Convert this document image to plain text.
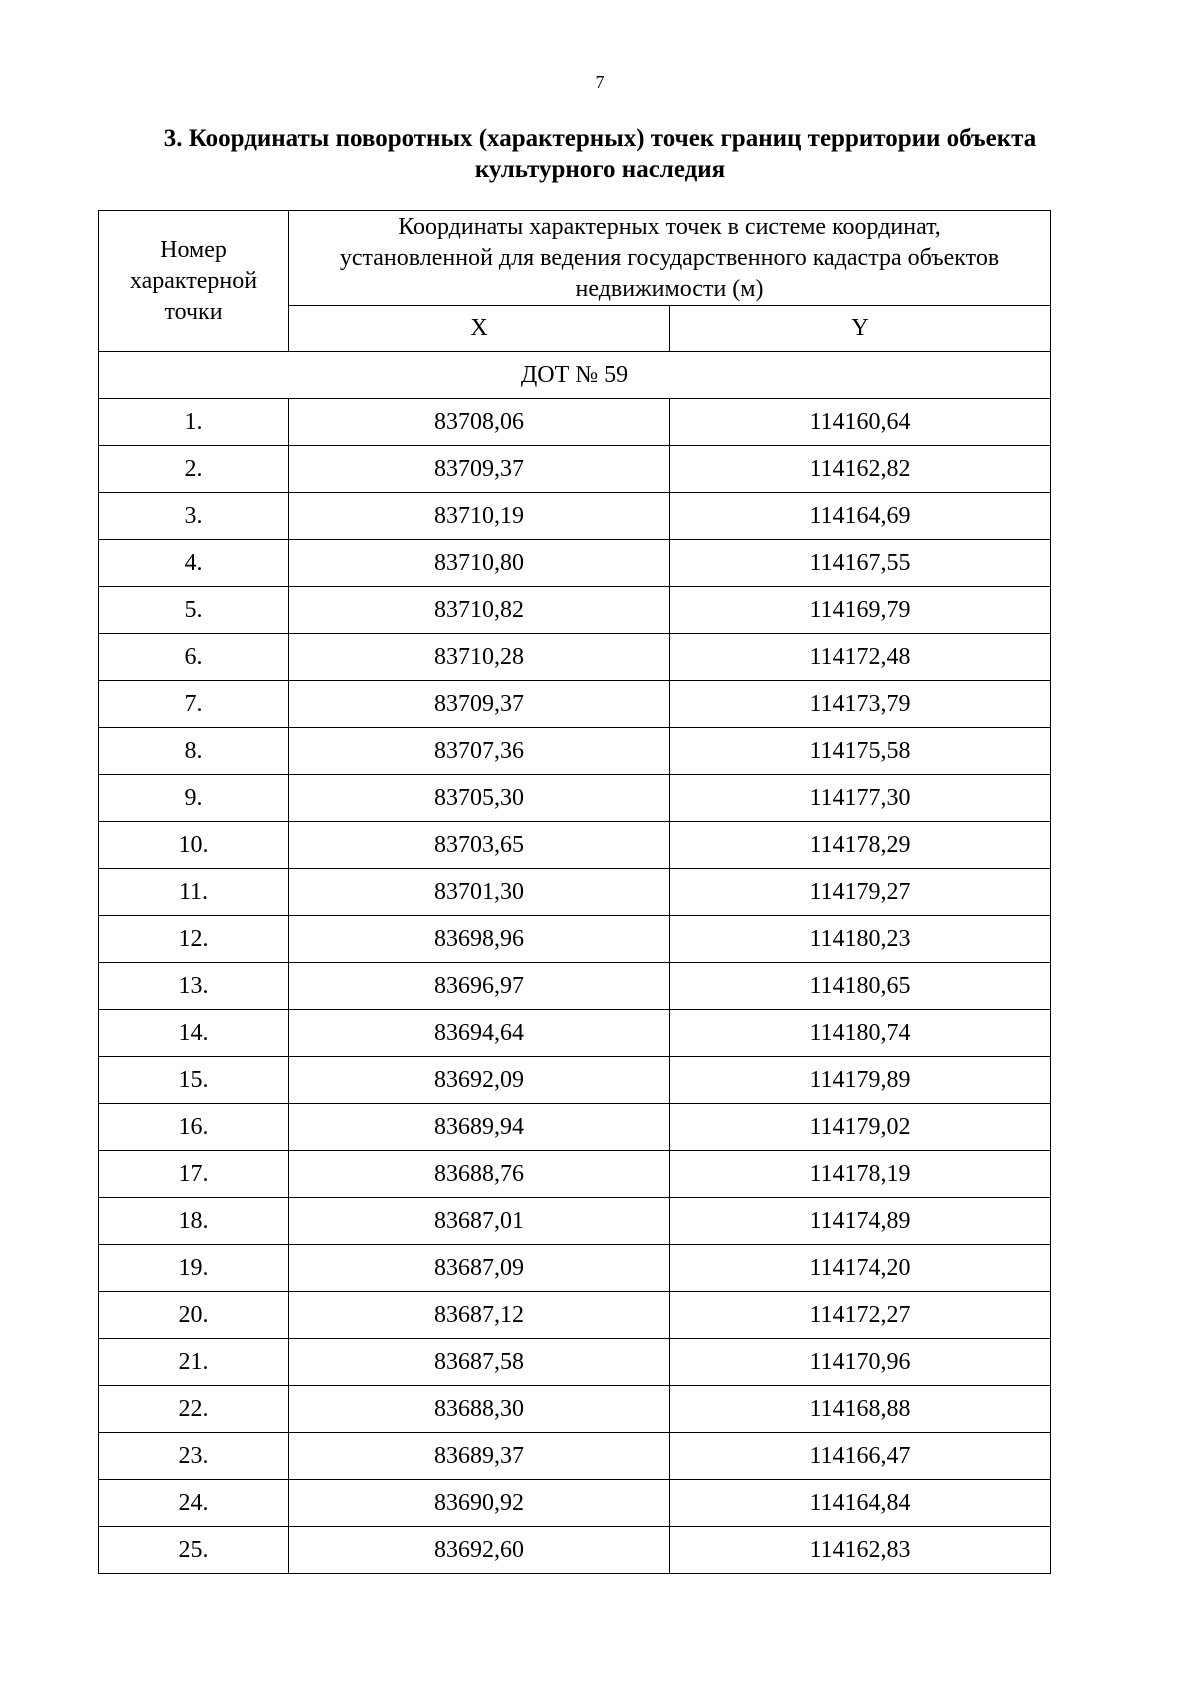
7
3. Координаты поворотных (характерных) точек границ территории объекта
культурного наследия
Номер характерной точки	Координаты характерных точек в системе координат, установленной для ведения государственного кадастра объектов недвижимости (м)	
	X	Y
ДОТ № 59		
1.	83708,06	114160,64
2.	83709,37	114162,82
3.	83710,19	114164,69
4.	83710,80	114167,55
5.	83710,82	114169,79
6.	83710,28	114172,48
7.	83709,37	114173,79
8.	83707,36	114175,58
9.	83705,30	114177,30
10.	83703,65	114178,29
11.	83701,30	114179,27
12.	83698,96	114180,23
13.	83696,97	114180,65
14.	83694,64	114180,74
15.	83692,09	114179,89
16.	83689,94	114179,02
17.	83688,76	114178,19
18.	83687,01	114174,89
19.	83687,09	114174,20
20.	83687,12	114172,27
21.	83687,58	114170,96
22.	83688,30	114168,88
23.	83689,37	114166,47
24.	83690,92	114164,84
25.	83692,60	114162,83
